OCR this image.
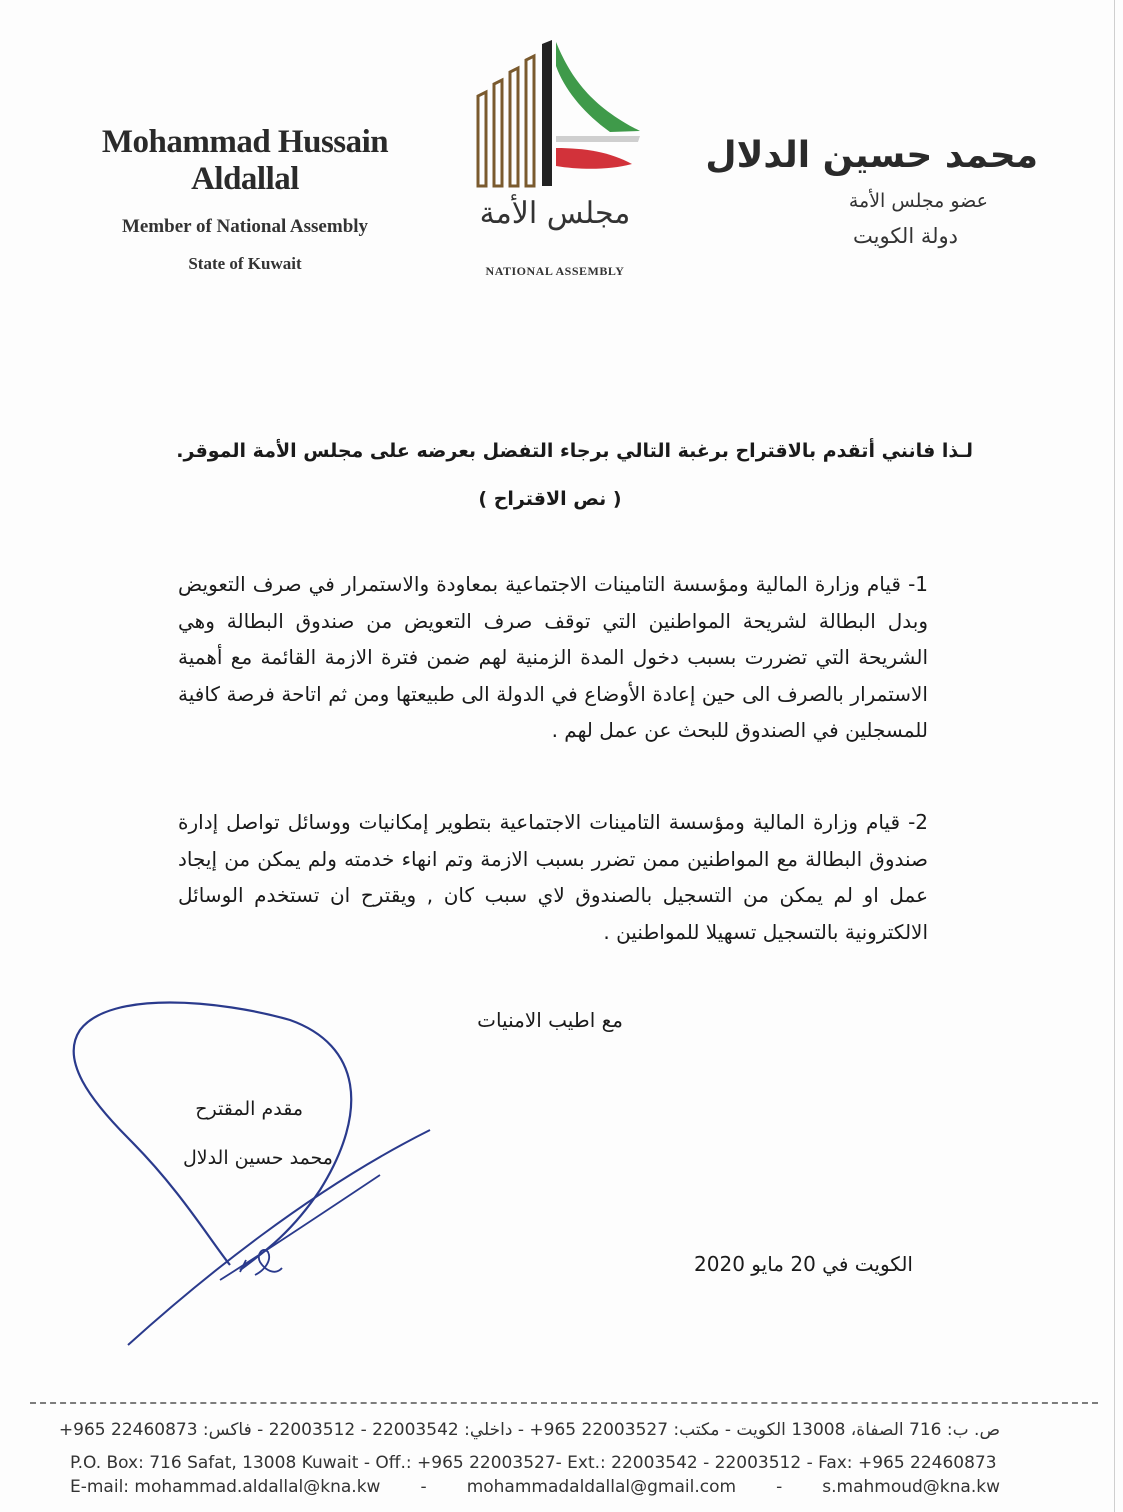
Mohammad Hussain Aldallal
Member of National Assembly
State of Kuwait
مجلس الأمة
NATIONAL ASSEMBLY
محمد حسين الدلال
عضو مجلس الأمة
دولة الكويت
لـذا فانني أتقدم بالاقتراح برغبة التالي برجاء التفضل بعرضه على مجلس الأمة الموقر.
( نص الاقتراح )
1- قيام وزارة المالية ومؤسسة التامينات الاجتماعية بمعاودة والاستمرار في صرف التعويض وبدل البطالة لشريحة المواطنين التي توقف صرف التعويض من صندوق البطالة وهي الشريحة التي تضررت بسبب دخول المدة الزمنية لهم ضمن فترة الازمة القائمة مع أهمية الاستمرار بالصرف الى حين إعادة الأوضاع في الدولة الى طبيعتها ومن ثم اتاحة فرصة كافية للمسجلين في الصندوق للبحث عن عمل لهم .
2- قيام وزارة المالية ومؤسسة التامينات الاجتماعية بتطوير إمكانيات ووسائل تواصل إدارة صندوق البطالة مع المواطنين ممن تضرر بسبب الازمة وتم انهاء خدمته ولم يمكن من إيجاد عمل او لم يمكن من التسجيل بالصندوق لاي سبب كان , ويقترح ان تستخدم الوسائل الالكترونية بالتسجيل تسهيلا للمواطنين .
مع اطيب الامنيات
مقدم المقترح
محمد حسين الدلال
الكويت في 20 مايو 2020
ص. ب: 716 الصفاة، 13008 الكويت - مكتب: 22003527 965+ - داخلي: 22003542 - 22003512 - فاكس: 22460873 965+
P.O. Box: 716 Safat, 13008 Kuwait - Off.: +965 22003527- Ext.: 22003542 - 22003512 - Fax: +965 22460873
E-mail: mohammad.aldallal@kna.kw - mohammadaldallal@gmail.com - s.mahmoud@kna.kw
